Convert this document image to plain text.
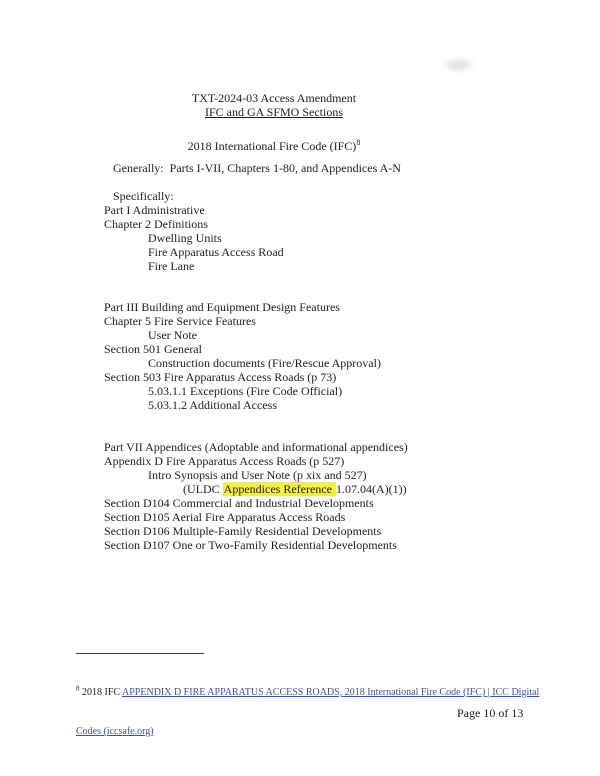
TXT-2024-03 Access Amendment
IFC and GA SFMO Sections
2018 International Fire Code (IFC)$^8$
Generally:  Parts I-VII, Chapters 1-80, and Appendices A-N
Specifically:
Part I Administrative
Chapter 2 Definitions
Dwelling Units
Fire Apparatus Access Road
Fire Lane
Part III Building and Equipment Design Features
Chapter 5 Fire Service Features
User Note
Section 501 General
Construction documents (Fire/Rescue Approval)
Section 503 Fire Apparatus Access Roads (p 73)
5.03.1.1 Exceptions (Fire Code Official)
5.03.1.2 Additional Access
Part VII Appendices (Adoptable and informational appendices)
Appendix D Fire Apparatus Access Roads (p 527)
Intro Synopsis and User Note (p xix and 527)
(ULDC Appendices Reference 1.07.04(A)(1))
Section D104 Commercial and Industrial Developments
Section D105 Aerial Fire Apparatus Access Roads
Section D106 Multiple-Family Residential Developments
Section D107 One or Two-Family Residential Developments

$^8$ 2018 IFC APPENDIX D FIRE APPARATUS ACCESS ROADS, 2018 International Fire Code (IFC) | ICC Digital

Codes (iccsafe.org)

Page 10 of 13
